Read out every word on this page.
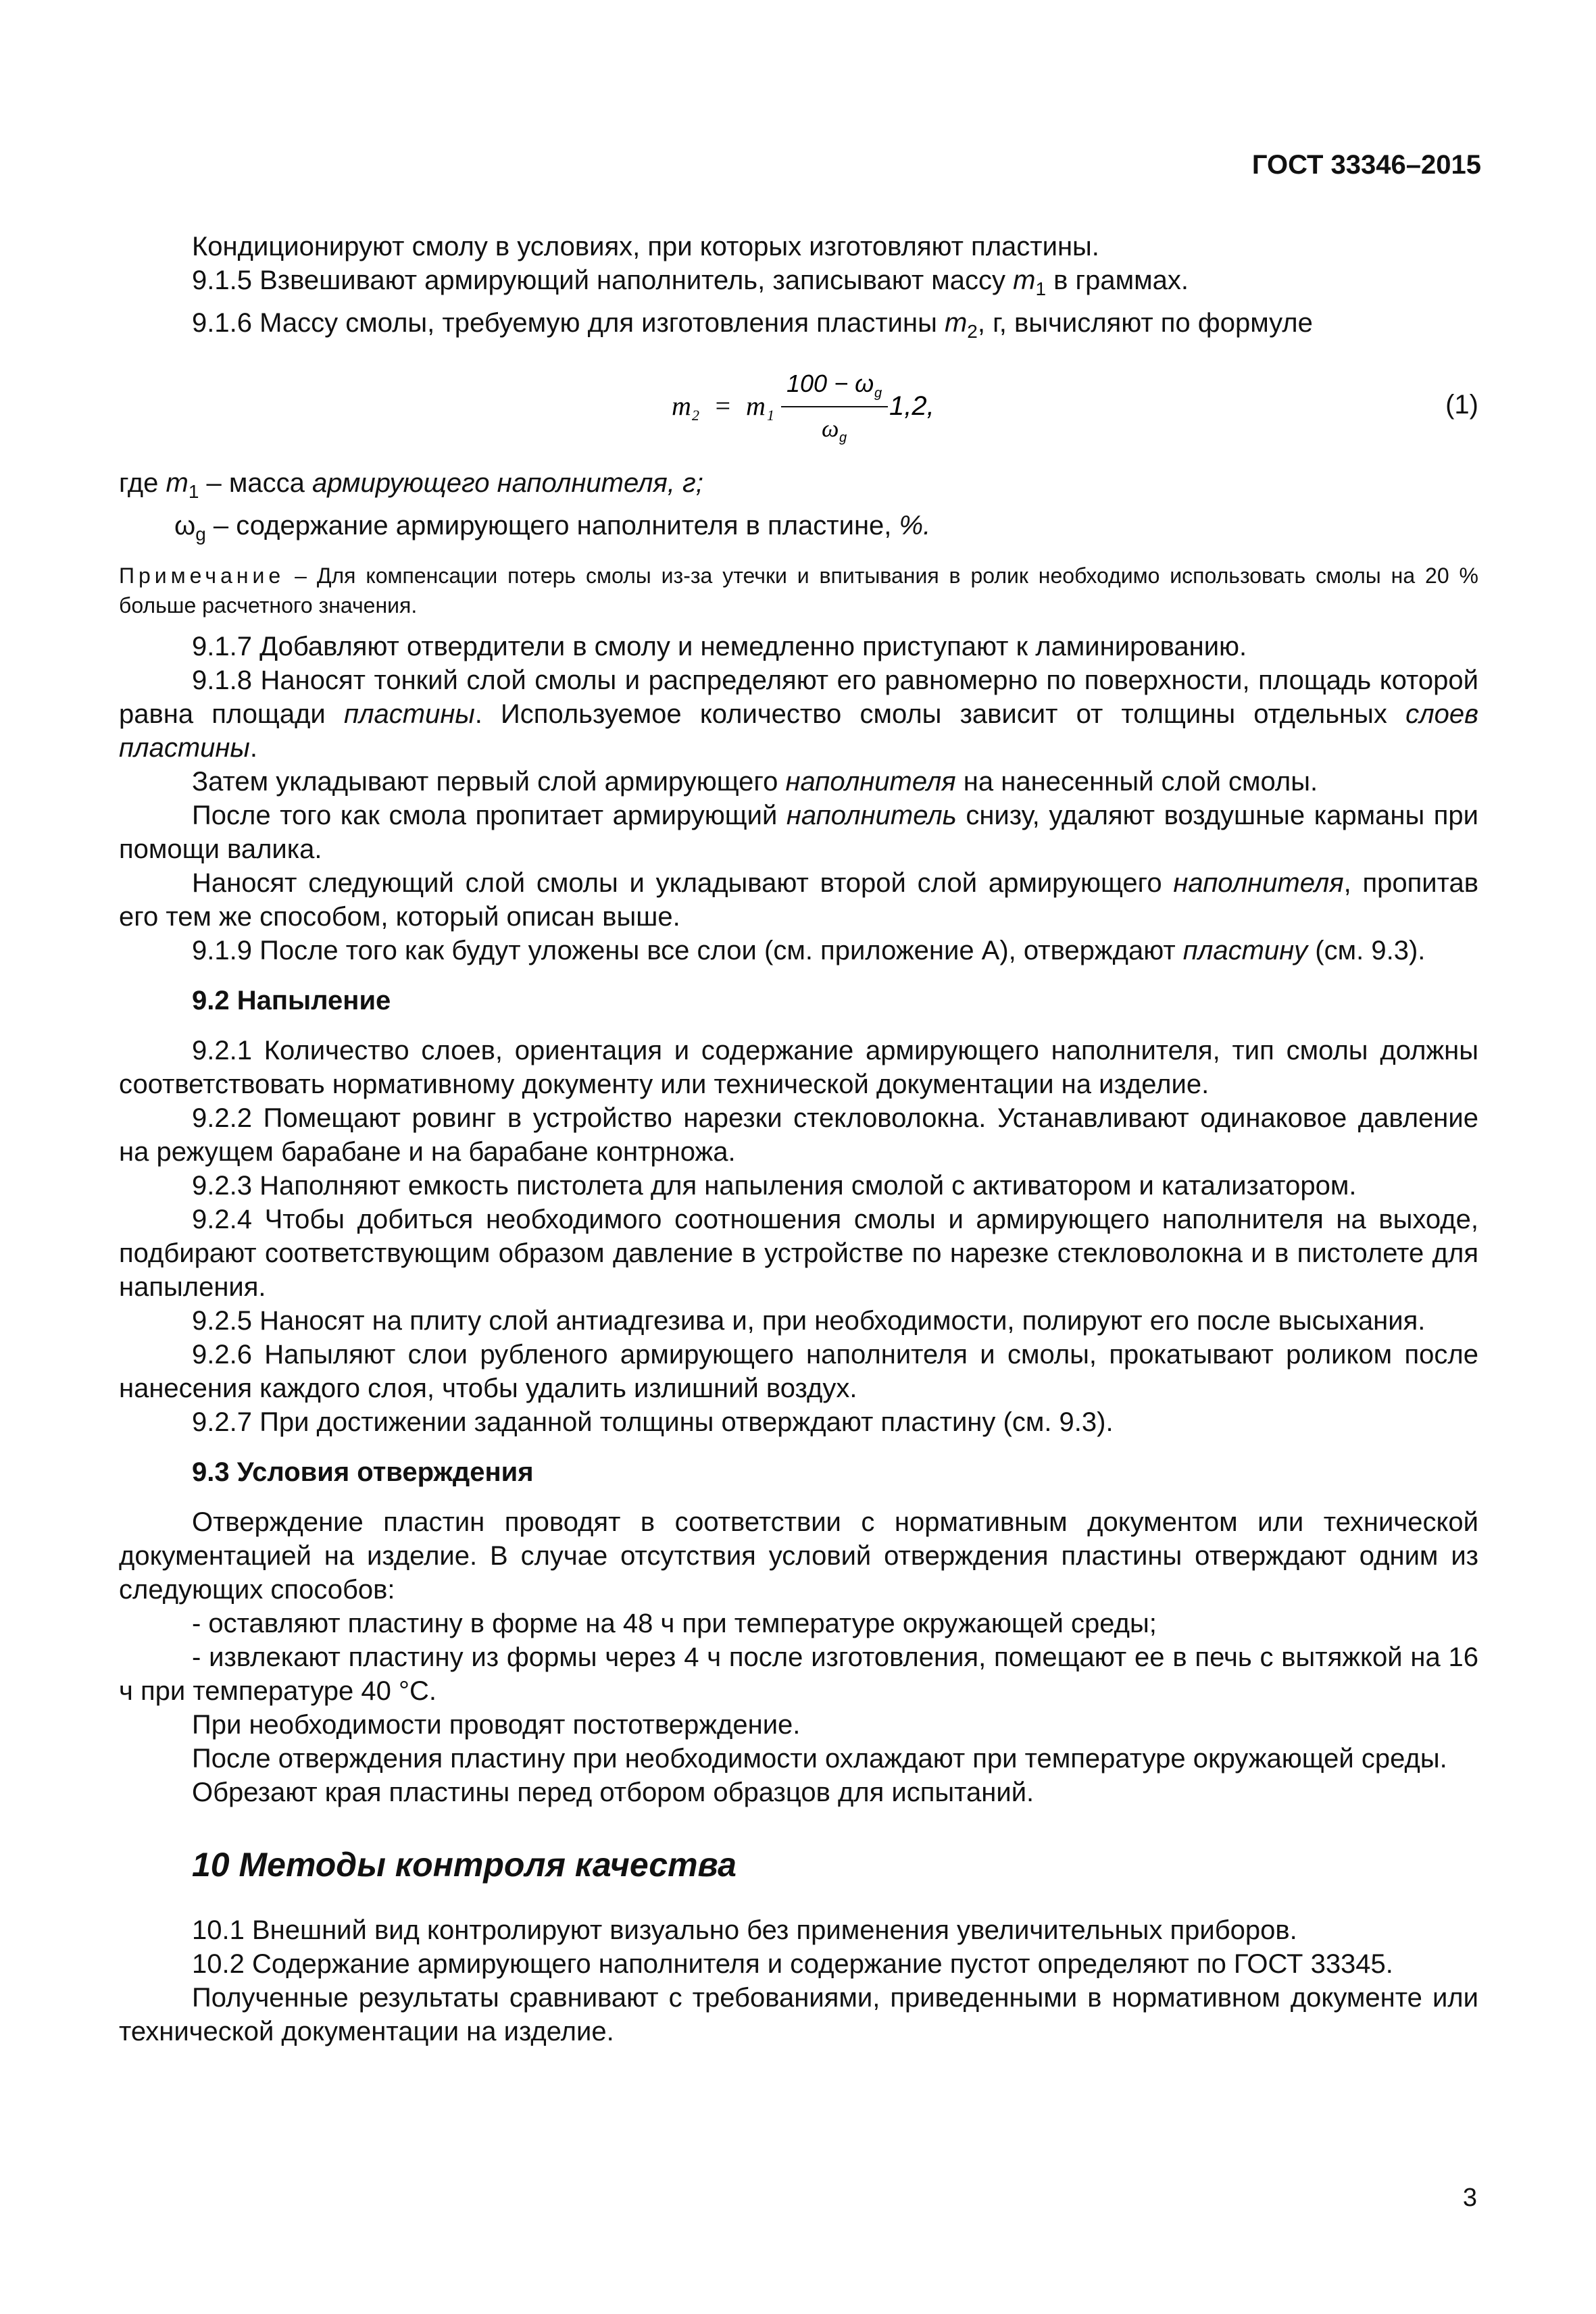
ГОСТ 33346–2015

Кондиционируют смолу в условиях, при которых изготовляют пластины.

9.1.5 Взвешивают армирующий наполнитель, записывают массу $m_1$ в граммах.

9.1.6 Массу смолы, требуемую для изготовления пластины $m_2$, г, вычисляют по формуле

m 2 = m 1
100 − ω g
ω g
1,2,	(1)

где $m_1$ – масса армирующего наполнителя, г;

$\omega_g$ – содержание армирующего наполнителя в пластине, %.

Примечание – Для компенсации потерь смолы из-за утечки и впитывания в ролик необходимо использовать смолы на 20 % больше расчетного значения.

9.1.7 Добавляют отвердители в смолу и немедленно приступают к ламинированию.

9.1.8 Наносят тонкий слой смолы и распределяют его равномерно по поверхности, площадь которой равна площади пластины. Используемое количество смолы зависит от толщины отдельных слоев пластины.

Затем укладывают первый слой армирующего наполнителя на нанесенный слой смолы.

После того как смола пропитает армирующий наполнитель снизу, удаляют воздушные карманы при помощи валика.

Наносят следующий слой смолы и укладывают второй слой армирующего наполнителя, пропитав его тем же способом, который описан выше.

9.1.9 После того как будут уложены все слои (см. приложение А), отверждают пластину (см. 9.3).

9.2 Напыление

9.2.1 Количество слоев, ориентация и содержание армирующего наполнителя, тип смолы должны соответствовать нормативному документу или технической документации на изделие.

9.2.2 Помещают ровинг в устройство нарезки стекловолокна. Устанавливают одинаковое давление на режущем барабане и на барабане контрножа.

9.2.3 Наполняют емкость пистолета для напыления смолой с активатором и катализатором.

9.2.4 Чтобы добиться необходимого соотношения смолы и армирующего наполнителя на выходе, подбирают соответствующим образом давление в устройстве по нарезке стекловолокна и в пистолете для напыления.

9.2.5 Наносят на плиту слой антиадгезива и, при необходимости, полируют его после высыхания.

9.2.6 Напыляют слои рубленого армирующего наполнителя и смолы, прокатывают роликом после нанесения каждого слоя, чтобы удалить излишний воздух.

9.2.7 При достижении заданной толщины отверждают пластину (см. 9.3).

9.3 Условия отверждения

Отверждение пластин проводят в соответствии с нормативным документом или технической документацией на изделие. В случае отсутствия условий отверждения пластины отверждают одним из следующих способов:

- оставляют пластину в форме на 48 ч при температуре окружающей среды;

- извлекают пластину из формы через 4 ч после изготовления, помещают ее в печь с вытяжкой на 16 ч при температуре 40 °С.

При необходимости проводят постотверждение.

После отверждения пластину при необходимости охлаждают при температуре окружающей среды.

Обрезают края пластины перед отбором образцов для испытаний.

10 Методы контроля качества

10.1 Внешний вид контролируют визуально без применения увеличительных приборов.

10.2 Содержание армирующего наполнителя и содержание пустот определяют по ГОСТ 33345.

Полученные результаты сравнивают с требованиями, приведенными в нормативном документе или технической документации на изделие.

3
